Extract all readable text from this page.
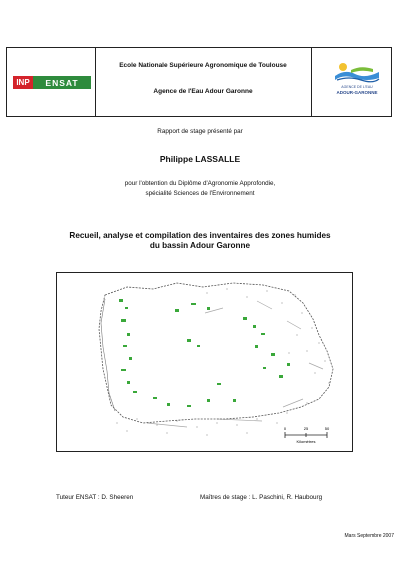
INP	ENSAT
Ecole Nationale Supérieure Agronomique de Toulouse
Agence de l'Eau Adour Garonne
AGENCE DE L'EAU
ADOUR-GARONNE
Rapport de stage présenté par
Philippe LASSALLE
pour l'obtention du Diplôme d'Agronomie Approfondie,
spécialité Sciences de l'Environnement
Recueil, analyse et compilation des inventaires des zones humides
du bassin Adour Garonne
0	25	50
Kilomètres
Tuteur ENSAT : D. Sheeren	Maîtres de stage : L. Paschini, R. Haubourg
Mars Septembre 2007
